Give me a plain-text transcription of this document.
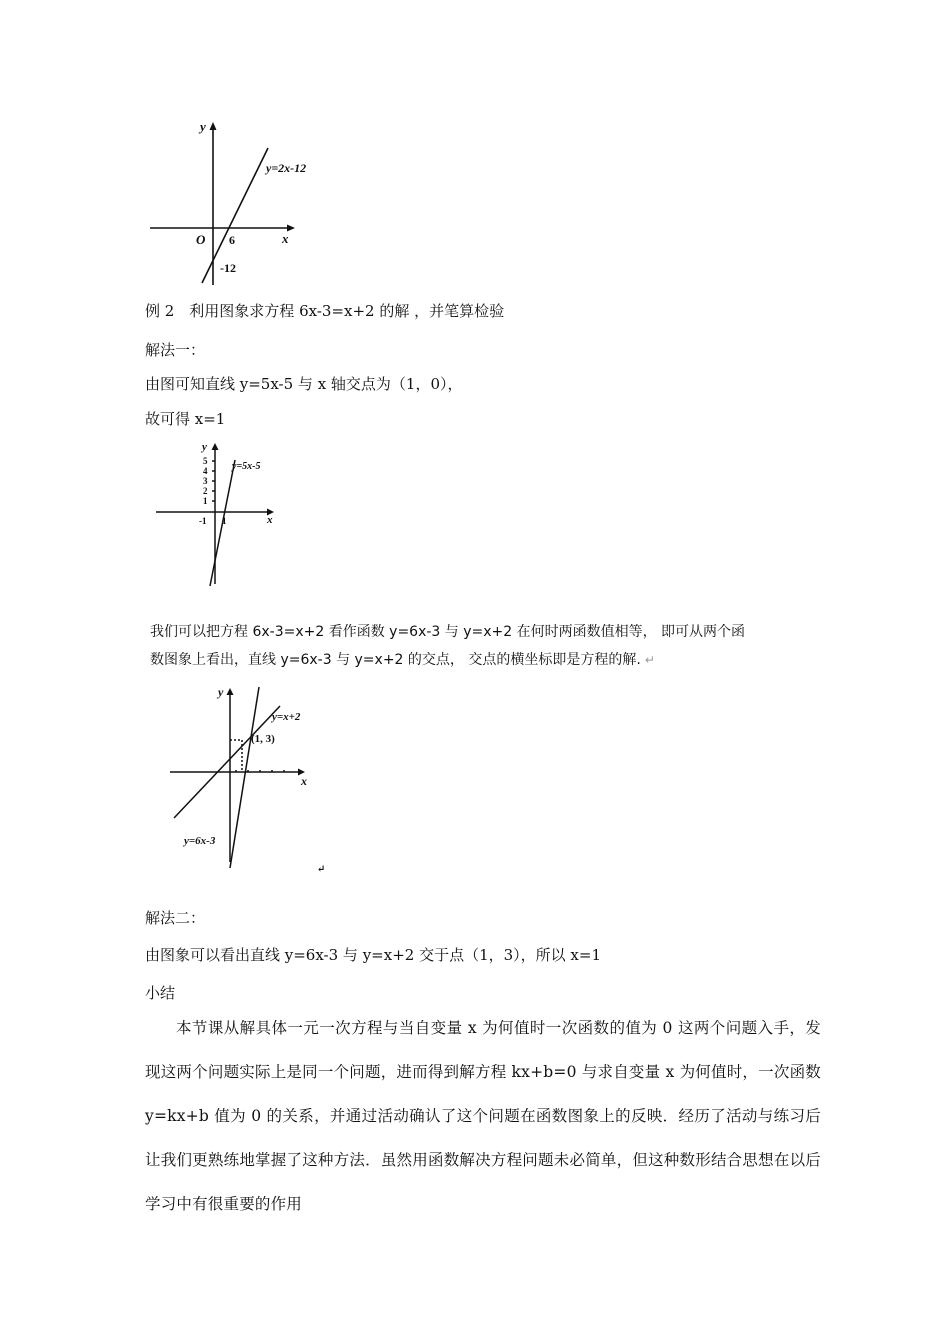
y
x
O 6
-12
y=2x-12
例 2　利用图象求方程 6x-3=x+2 的解 ，并笔算检验
解法一：
由图可知直线 y=5x-5 与 x 轴交点为（1，0），
故可得 x=1
y
x
5
4
3
2
1
-1 1
y=5x-5
我们可以把方程 6x-3=x+2 看作函数 y=6x-3 与 y=x+2 在何时两函数值相等， 即可从两个函
数图象上看出，直线 y=6x-3 与 y=x+2 的交点， 交点的横坐标即是方程的解. ↵
y
x
y=x+2
(1, 3)
y=6x-3
↵
解法二：
由图象可以看出直线 y=6x-3 与 y=x+2 交于点（1，3），所以 x=1
小结

本节课从解具体一元一次方程与当自变量 x 为何值时一次函数的值为 0 这两个问题入手，发现这两个问题实际上是同一个问题，进而得到解方程 kx+b=0 与求自变量 x 为何值时，一次函数 y=kx+b 值为 0 的关系，并通过活动确认了这个问题在函数图象上的反映．经历了活动与练习后让我们更熟练地掌握了这种方法．虽然用函数解决方程问题未必简单，但这种数形结合思想在以后学习中有很重要的作用
